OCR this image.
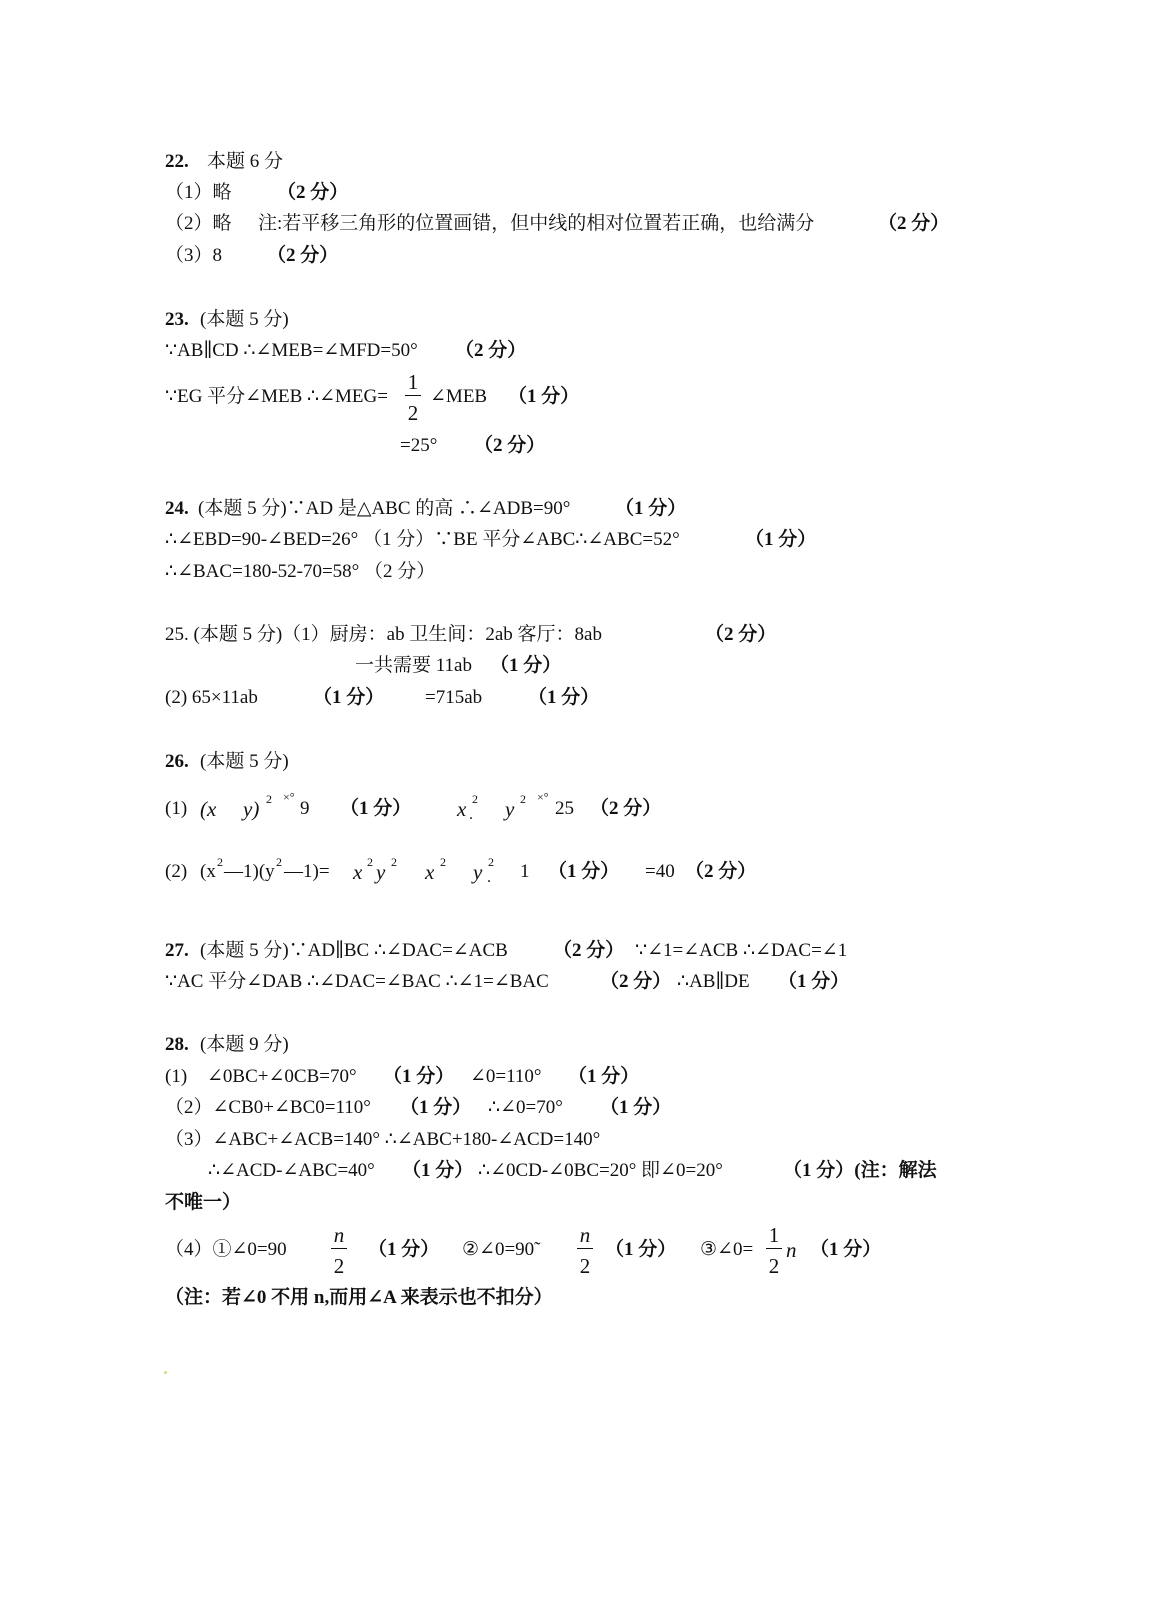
22. 本题 6 分
（1）略 （2 分）
（2）略 注:若平移三角形的位置画错，但中线的相对位置若正确，也给满分	（2 分）
（3）8 （2 分）
23. (本题 5 分)
∵AB∥CD ∴∠MEB=∠MFD=50° （2 分）
∵EG 平分∠MEB ∴∠MEG=
1
2
∠MEB （1 分）
=25° （2 分）
24. (本题 5 分)∵AD 是△ABC 的高 ∴∠ADB=90° （1 分）
∴∠EBD=90-∠BED=26° （1 分）∵BE 平分∠ABC∴∠ABC=52°	（1 分）
∴∠BAC=180-52-70=58° （2 分）
25. (本题 5 分)（1）厨房：ab 卫生间：2ab 客厅：8ab	（2 分）
一共需要 11ab （1 分）
(2) 65×11ab	（1 分） =715ab （1 分）
26. (本题 5 分)
(1) (x y) 2 ×°
9 （1 分） x 2
. y 2 ×°
25 （2 分）
(2) (x 2 —1)(y 2 —1)= x 2 y 2 x 2 y 2
. 1 （1 分） =40 （2 分）
27. (本题 5 分)∵AD∥BC ∴∠DAC=∠ACB （2 分） ∵∠1=∠ACB ∴∠DAC=∠1
∵AC 平分∠DAB ∴∠DAC=∠BAC ∴∠1=∠BAC	（2 分） ∴AB∥DE （1 分）
28. (本题 9 分)
(1) ∠0BC+∠0CB=70° （1 分） ∠0=110° （1 分）
（2）∠CB0+∠BC0=110° （1 分） ∴∠0=70° （1 分）
（3）∠ABC+∠ACB=140° ∴∠ABC+180-∠ACD=140°
∴∠ACD-∠ABC=40° （1 分） ∴∠0CD-∠0BC=20° 即∠0=20°	（1 分）(注：解法
不唯一）
（4）①∠0=90
n
2
（1 分） ②∠0=90̃
n
2
（1 分） ③∠0=
1
2
n （1 分）
（注：若∠0 不用 n,而用∠A 来表示也不扣分）
